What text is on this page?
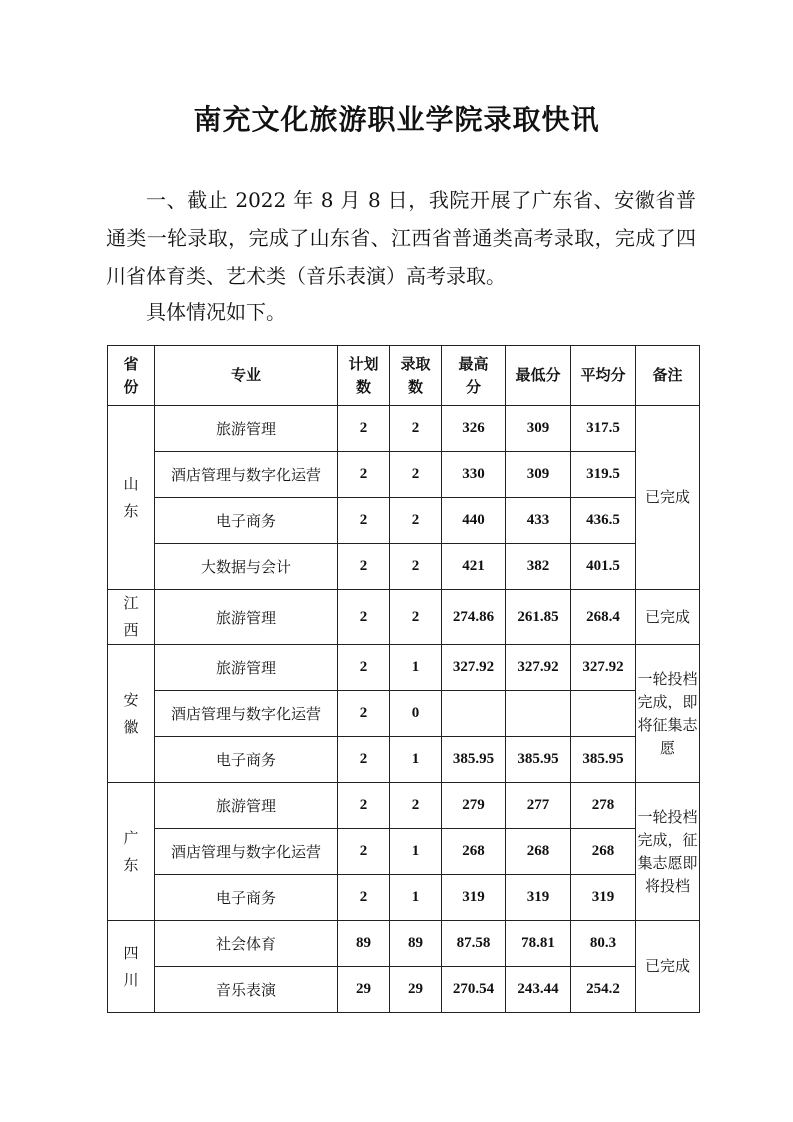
南充文化旅游职业学院录取快讯
一、截止 2022 年 8 月 8 日，我院开展了广东省、安徽省普通类一轮录取，完成了山东省、江西省普通类高考录取，完成了四川省体育类、艺术类（音乐表演）高考录取。
具体情况如下。
省份	专业	计划数	录取数	最高分	最低分	平均分	备注
山东	旅游管理	2	2	326	309	317.5	已完成
	酒店管理与数字化运营	2	2	330	309	319.5	
	电子商务	2	2	440	433	436.5	
	大数据与会计	2	2	421	382	401.5	
江西	旅游管理	2	2	274.86	261.85	268.4	已完成
安徽	旅游管理	2	1	327.92	327.92	327.92	一轮投档完成，即将征集志愿
	酒店管理与数字化运营	2	0				
	电子商务	2	1	385.95	385.95	385.95	
广东	旅游管理	2	2	279	277	278	一轮投档完成，征集志愿即将投档
	酒店管理与数字化运营	2	1	268	268	268	
	电子商务	2	1	319	319	319	
四川	社会体育	89	89	87.58	78.81	80.3	已完成
	音乐表演	29	29	270.54	243.44	254.2	
